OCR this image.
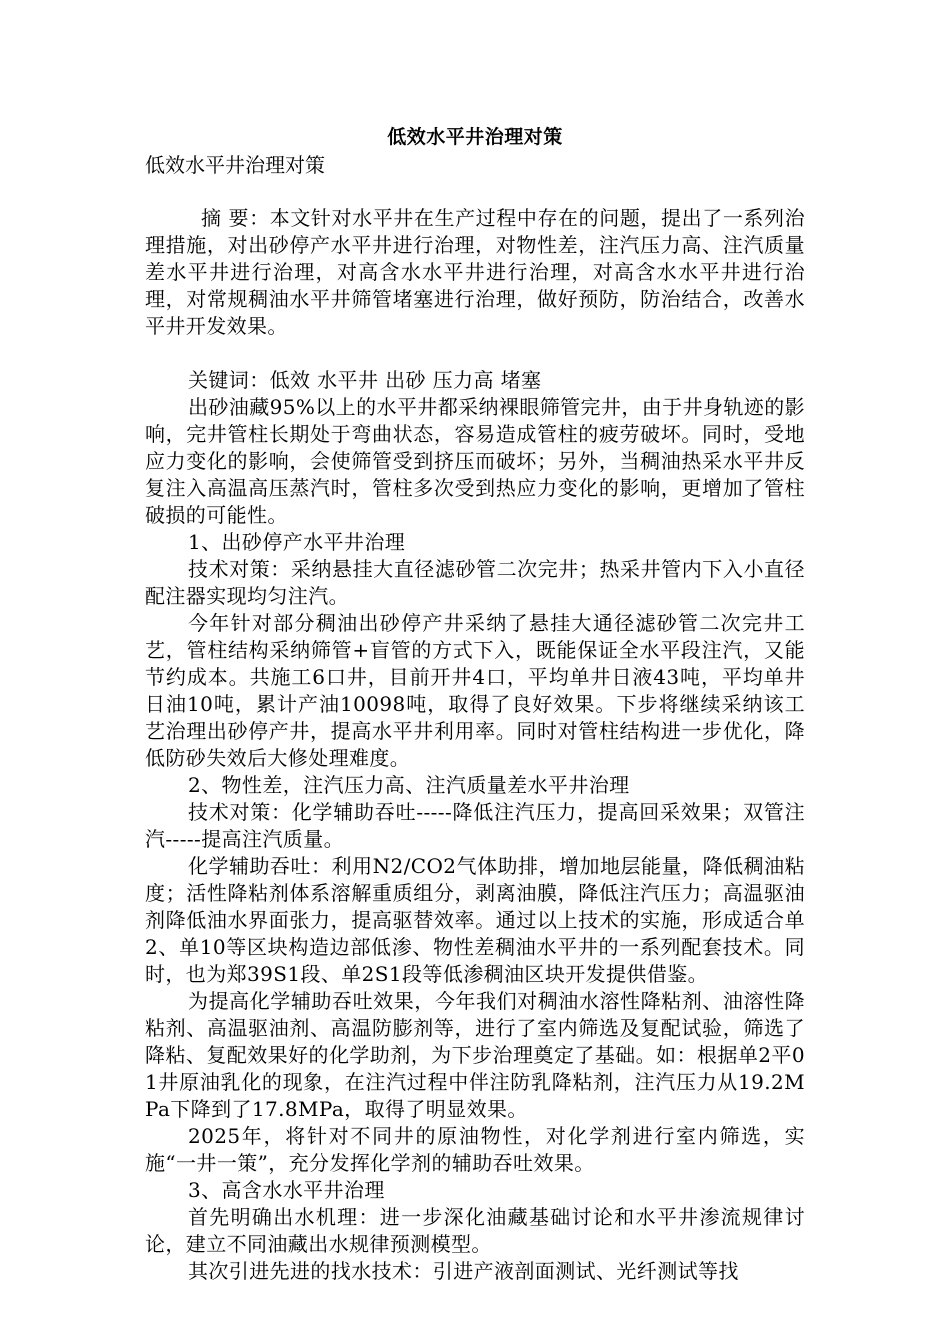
低效水平井治理对策

低效水平井治理对策

摘 要：本文针对水平井在生产过程中存在的问题，提出了一系列治理措施，对出砂停产水平井进行治理，对物性差，注汽压力高、注汽质量差水平井进行治理，对高含水水平井进行治理，对高含水水平井进行治理，对常规稠油水平井筛管堵塞进行治理，做好预防，防治结合，改善水平井开发效果。

关键词：低效 水平井 出砂 压力高 堵塞

出砂油藏95%以上的水平井都采纳裸眼筛管完井，由于井身轨迹的影响，完井管柱长期处于弯曲状态，容易造成管柱的疲劳破坏。同时，受地应力变化的影响，会使筛管受到挤压而破坏；另外，当稠油热采水平井反复注入高温高压蒸汽时，管柱多次受到热应力变化的影响，更增加了管柱破损的可能性。

1、出砂停产水平井治理

技术对策：采纳悬挂大直径滤砂管二次完井；热采井管内下入小直径配注器实现均匀注汽。

今年针对部分稠油出砂停产井采纳了悬挂大通径滤砂管二次完井工艺，管柱结构采纳筛管+盲管的方式下入，既能保证全水平段注汽，又能节约成本。共施工6口井，目前开井4口，平均单井日液43吨，平均单井日油10吨，累计产油10098吨，取得了良好效果。下步将继续采纳该工艺治理出砂停产井，提高水平井利用率。同时对管柱结构进一步优化，降低防砂失效后大修处理难度。

2、物性差，注汽压力高、注汽质量差水平井治理

技术对策：化学辅助吞吐-----降低注汽压力，提高回采效果；双管注汽-----提高注汽质量。

化学辅助吞吐：利用N2/CO2气体助排，增加地层能量，降低稠油粘度；活性降粘剂体系溶解重质组分，剥离油膜，降低注汽压力；高温驱油剂降低油水界面张力，提高驱替效率。通过以上技术的实施，形成适合单2、单10等区块构造边部低渗、物性差稠油水平井的一系列配套技术。同时，也为郑39S1段、单2S1段等低渗稠油区块开发提供借鉴。

为提高化学辅助吞吐效果，今年我们对稠油水溶性降粘剂、油溶性降粘剂、高温驱油剂、高温防膨剂等，进行了室内筛选及复配试验，筛选了降粘、复配效果好的化学助剂，为下步治理奠定了基础。如：根据单2平01井原油乳化的现象，在注汽过程中伴注防乳降粘剂，注汽压力从19.2MPa下降到了17.8MPa，取得了明显效果。

2025年，将针对不同井的原油物性，对化学剂进行室内筛选，实施“一井一策”，充分发挥化学剂的辅助吞吐效果。

3、高含水水平井治理

首先明确出水机理：进一步深化油藏基础讨论和水平井渗流规律讨论，建立不同油藏出水规律预测模型。

其次引进先进的找水技术：引进产液剖面测试、光纤测试等找
